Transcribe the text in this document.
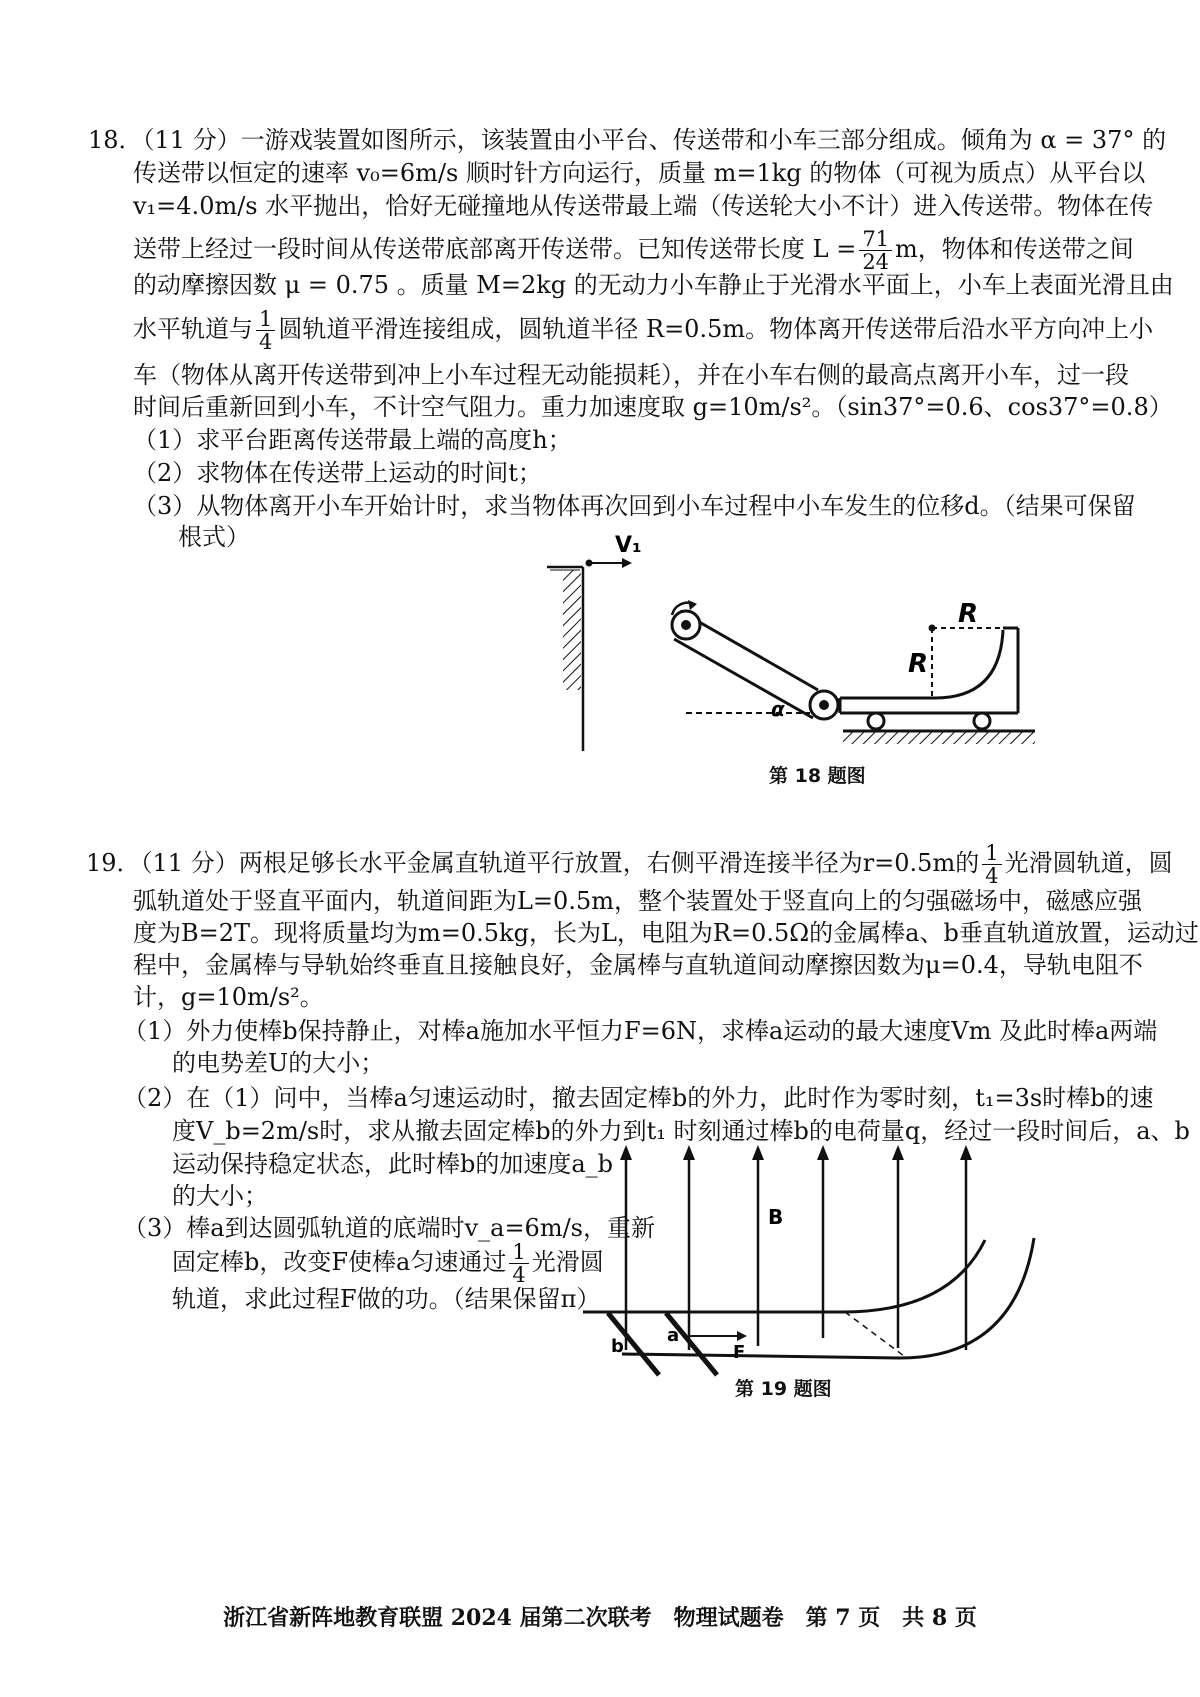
18．（11 分）一游戏装置如图所示，该装置由小平台、传送带和小车三部分组成。倾角为 α = 37° 的
传送带以恒定的速率 v₀=6m/s 顺时针方向运行，质量 m=1kg 的物体（可视为质点）从平台以
v₁=4.0m/s 水平抛出，恰好无碰撞地从传送带最上端（传送轮大小不计）进入传送带。物体在传
送带上经过一段时间从传送带底部离开传送带。已知传送带长度 $L = \frac{71}{24}$ m，物体和传送带之间
的动摩擦因数 μ = 0.75 。质量 M=2kg 的无动力小车静止于光滑水平面上，小车上表面光滑且由
水平轨道与 $\frac{1}{4}$ 圆轨道平滑连接组成，圆轨道半径 R=0.5m。物体离开传送带后沿水平方向冲上小
车（物体从离开传送带到冲上小车过程无动能损耗），并在小车右侧的最高点离开小车，过一段
时间后重新回到小车，不计空气阻力。重力加速度取 g=10m/s²。（sin37°=0.6、cos37°=0.8）
（1）求平台距离传送带最上端的高度h；
（2）求物体在传送带上运动的时间t；
（3）从物体离开小车开始计时，求当物体再次回到小车过程中小车发生的位移d。（结果可保留
根式）	V₁
α
R
R
第 18 题图
19．（11 分）两根足够长水平金属直轨道平行放置，右侧平滑连接半径为r=0.5m的 $\frac{1}{4}$ 光滑圆轨道，圆
弧轨道处于竖直平面内，轨道间距为L=0.5m，整个装置处于竖直向上的匀强磁场中，磁感应强
度为B=2T。现将质量均为m=0.5kg，长为L，电阻为R=0.5Ω的金属棒a、b垂直轨道放置，运动过
程中，金属棒与导轨始终垂直且接触良好，金属棒与直轨道间动摩擦因数为μ=0.4，导轨电阻不
计，g=10m/s²。
（1）外力使棒b保持静止，对棒a施加水平恒力F=6N，求棒a运动的最大速度Vm 及此时棒a两端
的电势差U的大小；
（2）在（1）问中，当棒a匀速运动时，撤去固定棒b的外力，此时作为零时刻，t₁=3s时棒b的速
度V_b=2m/s时，求从撤去固定棒b的外力到t₁ 时刻通过棒b的电荷量q，经过一段时间后，a、b
运动保持稳定状态，此时棒b的加速度a_b
的大小；
（3）棒a到达圆弧轨道的底端时v_a=6m/s，重新
固定棒b，改变F使棒a匀速通过 $\frac{1}{4}$ 光滑圆
轨道，求此过程F做的功。（结果保留π）
B
b
a
F
第 19 题图
浙江省新阵地教育联盟 2024 届第二次联考　物理试题卷　第 7 页　共 8 页
